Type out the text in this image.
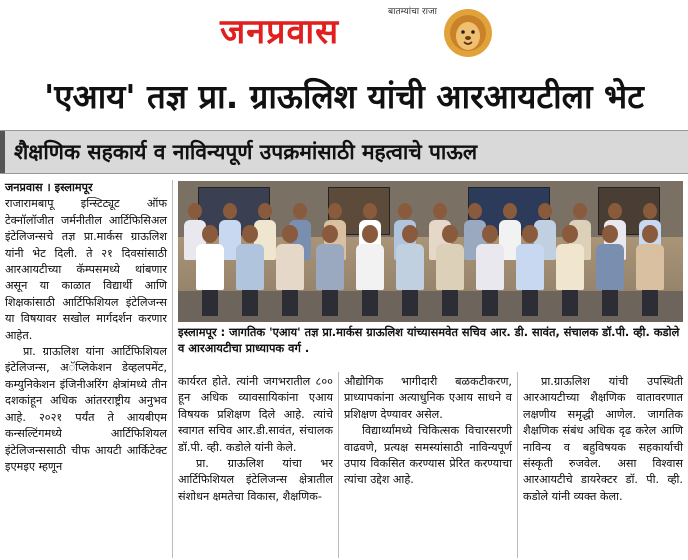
बातम्यांचा राजा
जनप्रवास
'एआय' तज्ञ प्रा. ग्राऊलिश यांची आरआयटीला भेट
शैक्षणिक सहकार्य व नाविन्यपूर्ण उपक्रमांसाठी महत्वाचे पाऊल
जनप्रवास । इस्लामपूर

राजारामबापू इन्स्टिट्यूट ऑफ टेक्नॉलॉजीत जर्मनीतील आर्टिफिसिअल इंटेलिजन्सचे तज्ञ प्रा.मार्कस ग्राऊलिश यांनी भेट दिली. ते २१ दिवसांसाठी आरआयटीच्या कॅम्पसमध्ये थांबणार असून या काळात विद्यार्थी आणि शिक्षकांसाठी आर्टिफिशियल इंटेलिजन्स या विषयावर सखोल मार्गदर्शन करणार आहेत.

प्रा. ग्राऊलिश यांना आर्टिफिशियल इंटेलिजन्स, अॅप्लिकेशन डेव्हलपमेंट, कम्युनिकेशन इंजिनीअरिंग क्षेत्रांमध्ये तीन दशकांहून अधिक आंतरराष्ट्रीय अनुभव आहे. २०२१ पर्यंत ते आयबीएम कन्सल्टिंगमध्ये आर्टिफिशियल इंटेलिजन्ससाठी चीफ आयटी आर्किटेक्ट इएमइए म्हणून

इस्लामपूर : जागतिक 'एआय' तज्ञ प्रा.मार्कस ग्राऊलिश यांच्यासमवेत सचिव आर. डी. सावंत, संचालक डॉ.पी. व्ही. कडोले व आरआयटीचा प्राध्यापक वर्ग .

कार्यरत होते. त्यांनी जगभरातील ८०० हून अधिक व्यावसायिकांना एआय विषयक प्रशिक्षण दिले आहे. त्यांचे स्वागत सचिव आर.डी.सावंत, संचालक डॉ.पी. व्ही. कडोले यांनी केले.

प्रा. ग्राऊलिश यांचा भर आर्टिफिशियल इंटेलिजन्स क्षेत्रातील संशोधन क्षमतेचा विकास, शैक्षणिक-

औद्योगिक भागीदारी बळकटीकरण, प्राध्यापकांना अत्याधुनिक एआय साधने व प्रशिक्षण देण्यावर असेल.

विद्यार्थ्यांमध्ये चिकित्सक विचारसरणी वाढवणे, प्रत्यक्ष समस्यांसाठी नाविन्यपूर्ण उपाय विकसित करण्यास प्रेरित करण्याचा त्यांचा उद्देश आहे.

प्रा.ग्राऊलिश यांची उपस्थिती आरआयटीच्या शैक्षणिक वातावरणात लक्षणीय समृद्धी आणेल. जागतिक शैक्षणिक संबंध अधिक दृढ करेल आणि नाविन्य व बहुविषयक सहकार्याची संस्कृती रुजवेल. असा विश्वास आरआयटीचे डायरेक्टर डॉ. पी. व्ही. कडोले यांनी व्यक्त केला.
